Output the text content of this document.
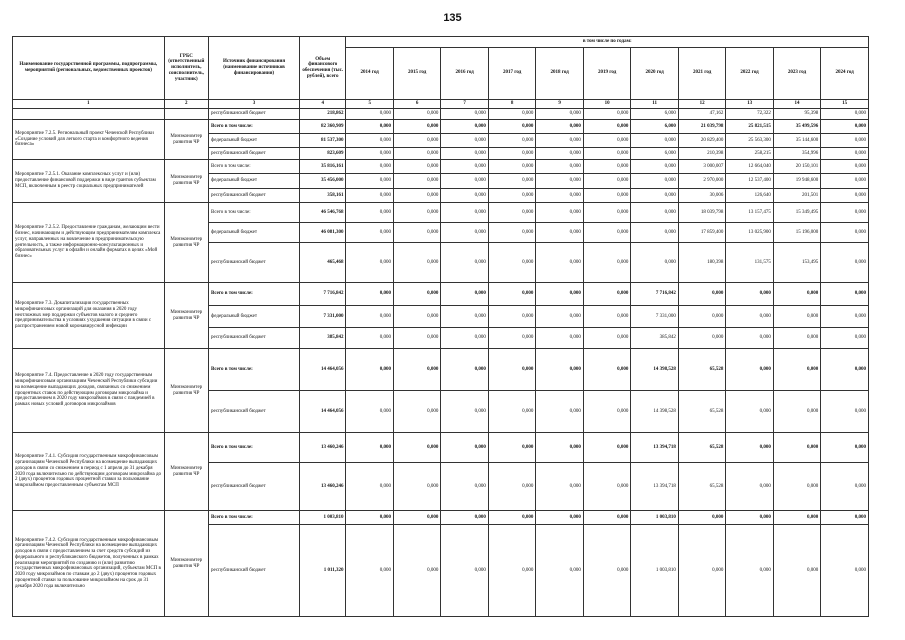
135
Наименование государственной программы, подпрограммы, мероприятий (региональных, ведомственных проектов)	ГРБС (ответственный исполнитель, соисполнитель, участник)	Источник финансирования (наименование источников финансирования)	Объем финансового обеспечения (тыс. рублей), всего	в том числе по годам:										
				2014 год	2015 год	2016 год	2017 год	2018 год	2019 год	2020 год	2021 год	2022 год	2023 год	2024 год
1	2	3	4	5	6	7	8	9	10	11	12	13	14	15
		республиканский бюджет	218,862	0,000	0,000	0,000	0,000	0,000	0,000	6,000	47,162	72,322	95,398	0,000
Мероприятие 7.2.5. Региональный проект Чеченской Республики «Создание условий для легкого старта и комфортного ведения бизнеса»	Минэкономтер развития ЧР	Всего в том числе:	82 360,909	0,000	0,000	0,000	0,000	0,000	0,000	6,000	21 039,798	25 821,515	35 499,596	0,000
		федеральный бюджет	81 537,300	0,000	0,000	0,000	0,000	0,000	0,000	0,000	20 829,400	25 563,300	35 144,600	0,000
		республиканский бюджет	823,609	0,000	0,000	0,000	0,000	0,000	0,000	6,000	210,398	258,215	354,996	0,000
Мероприятие 7.2.5.1. Оказание комплексных услуг и (или) предоставление финансовой поддержки в виде грантов субъектам МСП, включенным в реестр социальных предпринимателей	Минэкономтер развития ЧР	Всего в том числе:	35 816,161	0,000	0,000	0,000	0,000	0,000	0,000	0,000	3 000,007	12 664,040	20 150,101	0,000
		федеральный бюджет	35 456,000	0,000	0,000	0,000	0,000	0,000	0,000	0,000	2 970,000	12 537,400	19 948,600	0,000
		республиканский бюджет	358,161	0,000	0,000	0,000	0,000	0,000	0,000	0,000	30,006	126,640	201,501	0,000
Мероприятие 7.2.5.2. Предоставление гражданам, желающим вести бизнес, начинающим и действующим предпринимателям комплекса услуг, направленных на вовлечение в предпринимательскую деятельность, а также информационно-консультационных и образовательных услуг в офлайн и онлайн форматах в целях «Мой бизнес»	Минэкономтер развития ЧР	Всего в том числе:	46 546,768	0,000	0,000	0,000	0,000	0,000	0,000	0,000	18 039,798	13 157,475	15 349,495	0,000
		федеральный бюджет	46 081,300	0,000	0,000	0,000	0,000	0,000	0,000	0,000	17 859,400	13 025,900	15 196,000	0,000
		республиканский бюджет	465,468	0,000	0,000	0,000	0,000	0,000	0,000	0,000	180,398	131,575	153,495	0,000
Мероприятие 7.3. Докапитализация государственных микрофинансовых организаций для оказания в 2020 году неотложных мер поддержки субъектов малого и среднего предпринимательства в условиях ухудшения ситуации в связи с распространением новой коронавирусной инфекции	Минэкономтер развития ЧР	Всего в том числе:	7 716,842	0,000	0,000	0,000	0,000	0,000	0,000	7 716,842	0,000	0,000	0,000	0,000
		федеральный бюджет	7 331,000	0,000	0,000	0,000	0,000	0,000	0,000	7 331,000	0,000	0,000	0,000	0,000
		республиканский бюджет	385,842	0,000	0,000	0,000	0,000	0,000	0,000	385,842	0,000	0,000	0,000	0,000
Мероприятие 7.4. Предоставление в 2020 году государственным микрофинансовым организациям Чеченской Республики субсидии на возмещение выпадающих доходов, связанных со снижением процентных ставок по действующим договорам микрозайма и предоставлением в 2020 году микрозаймов в связи с пандемией в рамках новых условий договоров микрозаймов	Минэкономтер развития ЧР	Всего в том числе:	14 464,056	0,000	0,000	0,000	0,000	0,000	0,000	14 398,528	65,528	0,000	0,000	0,000
		республиканский бюджет	14 464,056	0,000	0,000	0,000	0,000	0,000	0,000	14 398,528	65,528	0,000	0,000	0,000
Мероприятие 7.4.1. Субсидия государственным микрофинансовым организациям Чеченской Республики на возмещение выпадающих доходов в связи со снижением в период с 1 апреля до 31 декабря 2020 года включительно по действующим договорам микрозайма до 2 (двух) процентов годовых процентной ставки за пользование микрозаймом предоставленным субъектам МСП	Минэкономтер развития ЧР	Всего в том числе:	13 460,246	0,000	0,000	0,000	0,000	0,000	0,000	13 394,718	65,528	0,000	0,000	0,000
		республиканский бюджет	13 460,246	0,000	0,000	0,000	0,000	0,000	0,000	13 394,718	65,528	0,000	0,000	0,000
Мероприятие 7.4.2. Субсидия государственным микрофинансовым организациям Чеченской Республики на возмещение выпадающих доходов в связи с предоставлением за счет средств субсидий из федерального и республиканского бюджетов, полученных в рамках реализации мероприятий по созданию и (или) развитию государственных микрофинансовых организаций, субъектам МСП в 2020 году микрозаймов по ставкам до 2 (двух) процентов годовых процентной ставки за пользование микрозаймом на срок до 31 декабря 2020 года включительно	Минэкономтер развития ЧР	Всего в том числе:	1 003,810	0,000	0,000	0,000	0,000	0,000	0,000	1 003,810	0,000	0,000	0,000	0,000
		республиканский бюджет	1 011,320	0,000	0,000	0,000	0,000	0,000	0,000	1 003,810	0,000	0,000	0,000	0,000
